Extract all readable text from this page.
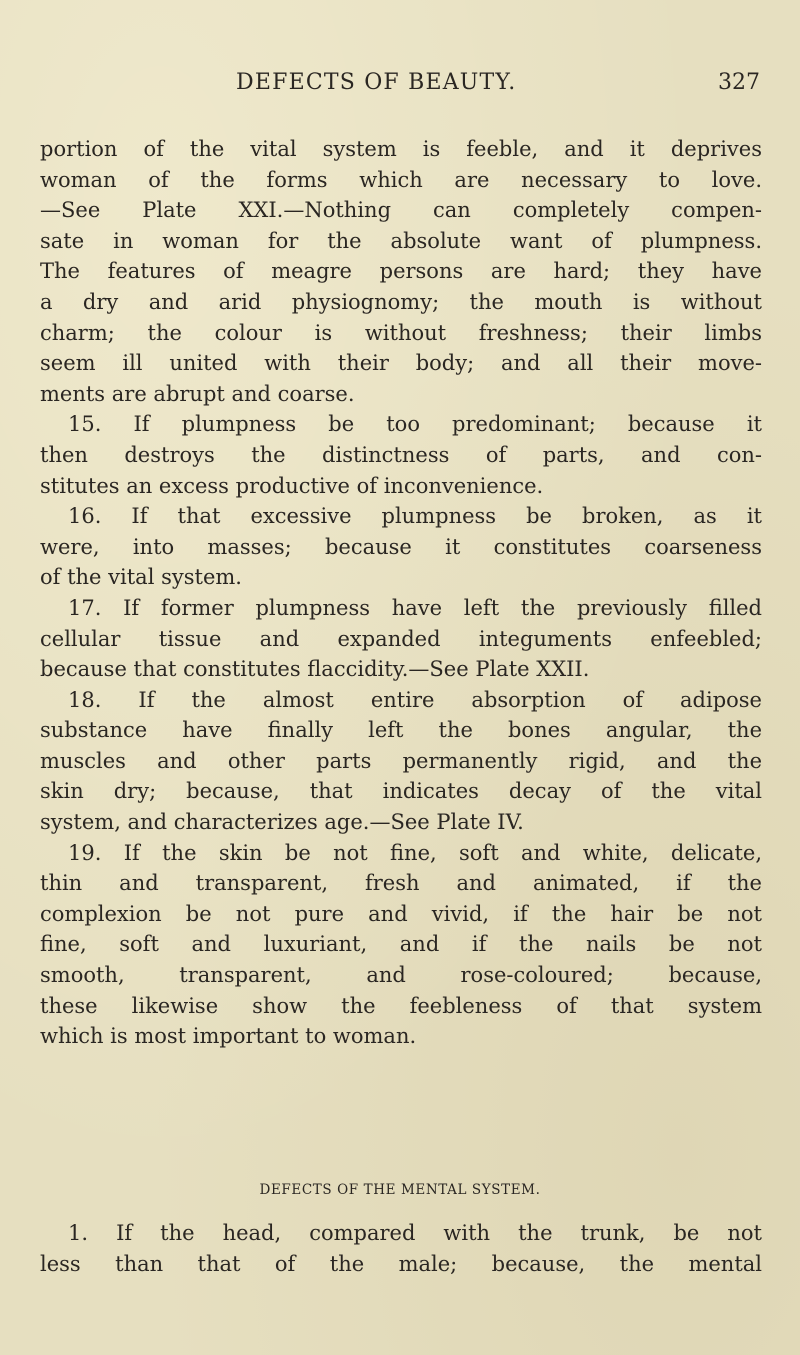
DEFECTS OF BEAUTY.	327
portion of the vital system is feeble, and it deprives
woman of the forms which are necessary to love.
—See Plate XXI.—Nothing can completely compen-
sate in woman for the absolute want of plumpness.
The features of meagre persons are hard; they have
a dry and arid physiognomy; the mouth is without
charm; the colour is without freshness; their limbs
seem ill united with their body; and all their move-
ments are abrupt and coarse.
15. If plumpness be too predominant; because it
then destroys the distinctness of parts, and con-
stitutes an excess productive of inconvenience.
16. If that excessive plumpness be broken, as it
were, into masses; because it constitutes coarseness
of the vital system.
17. If former plumpness have left the previously filled
cellular tissue and expanded integuments enfeebled;
because that constitutes flaccidity.—See Plate XXII.
18. If the almost entire absorption of adipose
substance have finally left the bones angular, the
muscles and other parts permanently rigid, and the
skin dry; because, that indicates decay of the vital
system, and characterizes age.—See Plate IV.
19. If the skin be not fine, soft and white, delicate,
thin and transparent, fresh and animated, if the
complexion be not pure and vivid, if the hair be not
fine, soft and luxuriant, and if the nails be not
smooth, transparent, and rose-coloured; because,
these likewise show the feebleness of that system
which is most important to woman.
DEFECTS OF THE MENTAL SYSTEM.
1. If the head, compared with the trunk, be not
less than that of the male; because, the mental
